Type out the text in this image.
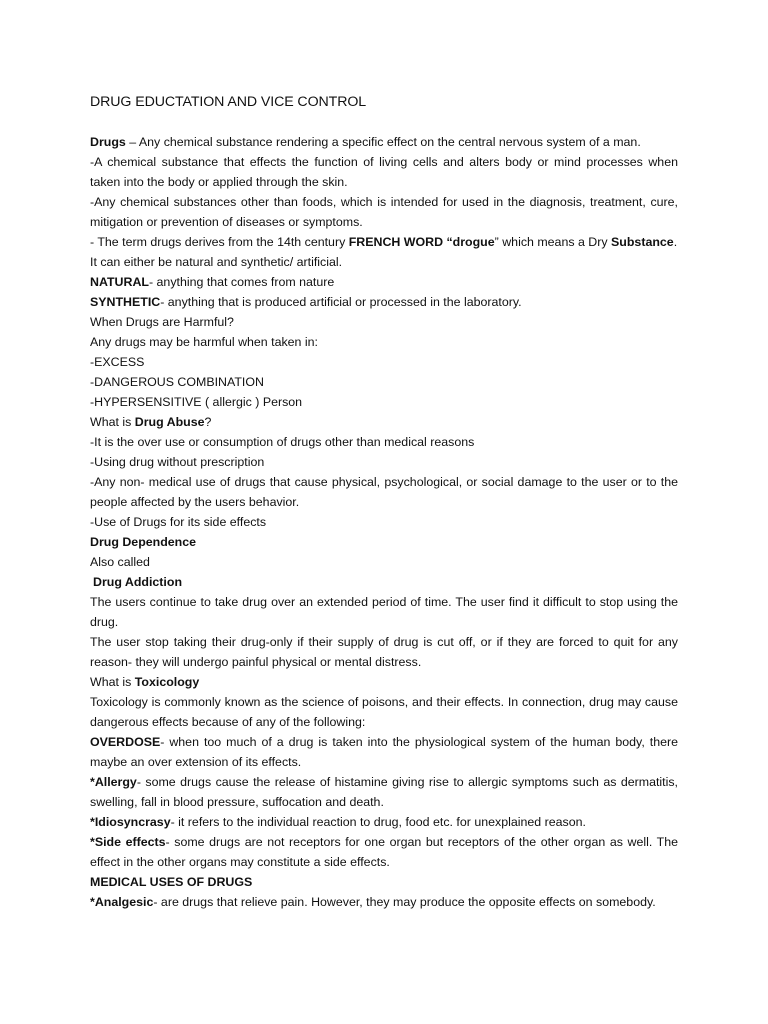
DRUG EDUCTATION AND VICE CONTROL

Drugs – Any chemical substance rendering a specific effect on the central nervous system of a man.

-A chemical substance that effects the function of living cells and alters body or mind processes when taken into the body or applied through the skin.

-Any chemical substances other than foods, which is intended for used in the diagnosis, treatment, cure, mitigation or prevention of diseases or symptoms.

- The term drugs derives from the 14th century FRENCH WORD “drogue” which means a Dry Substance.
It can either be natural and synthetic/ artificial.

NATURAL- anything that comes from nature

SYNTHETIC- anything that is produced artificial or processed in the laboratory.

When Drugs are Harmful?

Any drugs may be harmful when taken in:

-EXCESS

-DANGEROUS COMBINATION

-HYPERSENSITIVE ( allergic ) Person

What is Drug Abuse?

-It is the over use or consumption of drugs other than medical reasons

-Using drug without prescription

-Any non- medical use of drugs that cause physical, psychological, or social damage to the user or to the people affected by the users behavior.

-Use of Drugs for its side effects

Drug Dependence

Also called

Drug Addiction

The users continue to take drug over an extended period of time. The user find it difficult to stop using the drug.

The user stop taking their drug-only if their supply of drug is cut off, or if they are forced to quit for any reason- they will undergo painful physical or mental distress.

What is Toxicology

Toxicology is commonly known as the science of poisons, and their effects. In connection, drug may cause dangerous effects because of any of the following:

OVERDOSE- when too much of a drug is taken into the physiological system of the human body, there maybe an over extension of its effects.

*Allergy- some drugs cause the release of histamine giving rise to allergic symptoms such as dermatitis, swelling, fall in blood pressure, suffocation and death.

*Idiosyncrasy- it refers to the individual reaction to drug, food etc. for unexplained reason.

*Side effects- some drugs are not receptors for one organ but receptors of the other organ as well. The effect in the other organs may constitute a side effects.

MEDICAL USES OF DRUGS

*Analgesic- are drugs that relieve pain. However, they may produce the opposite effects on somebody.
